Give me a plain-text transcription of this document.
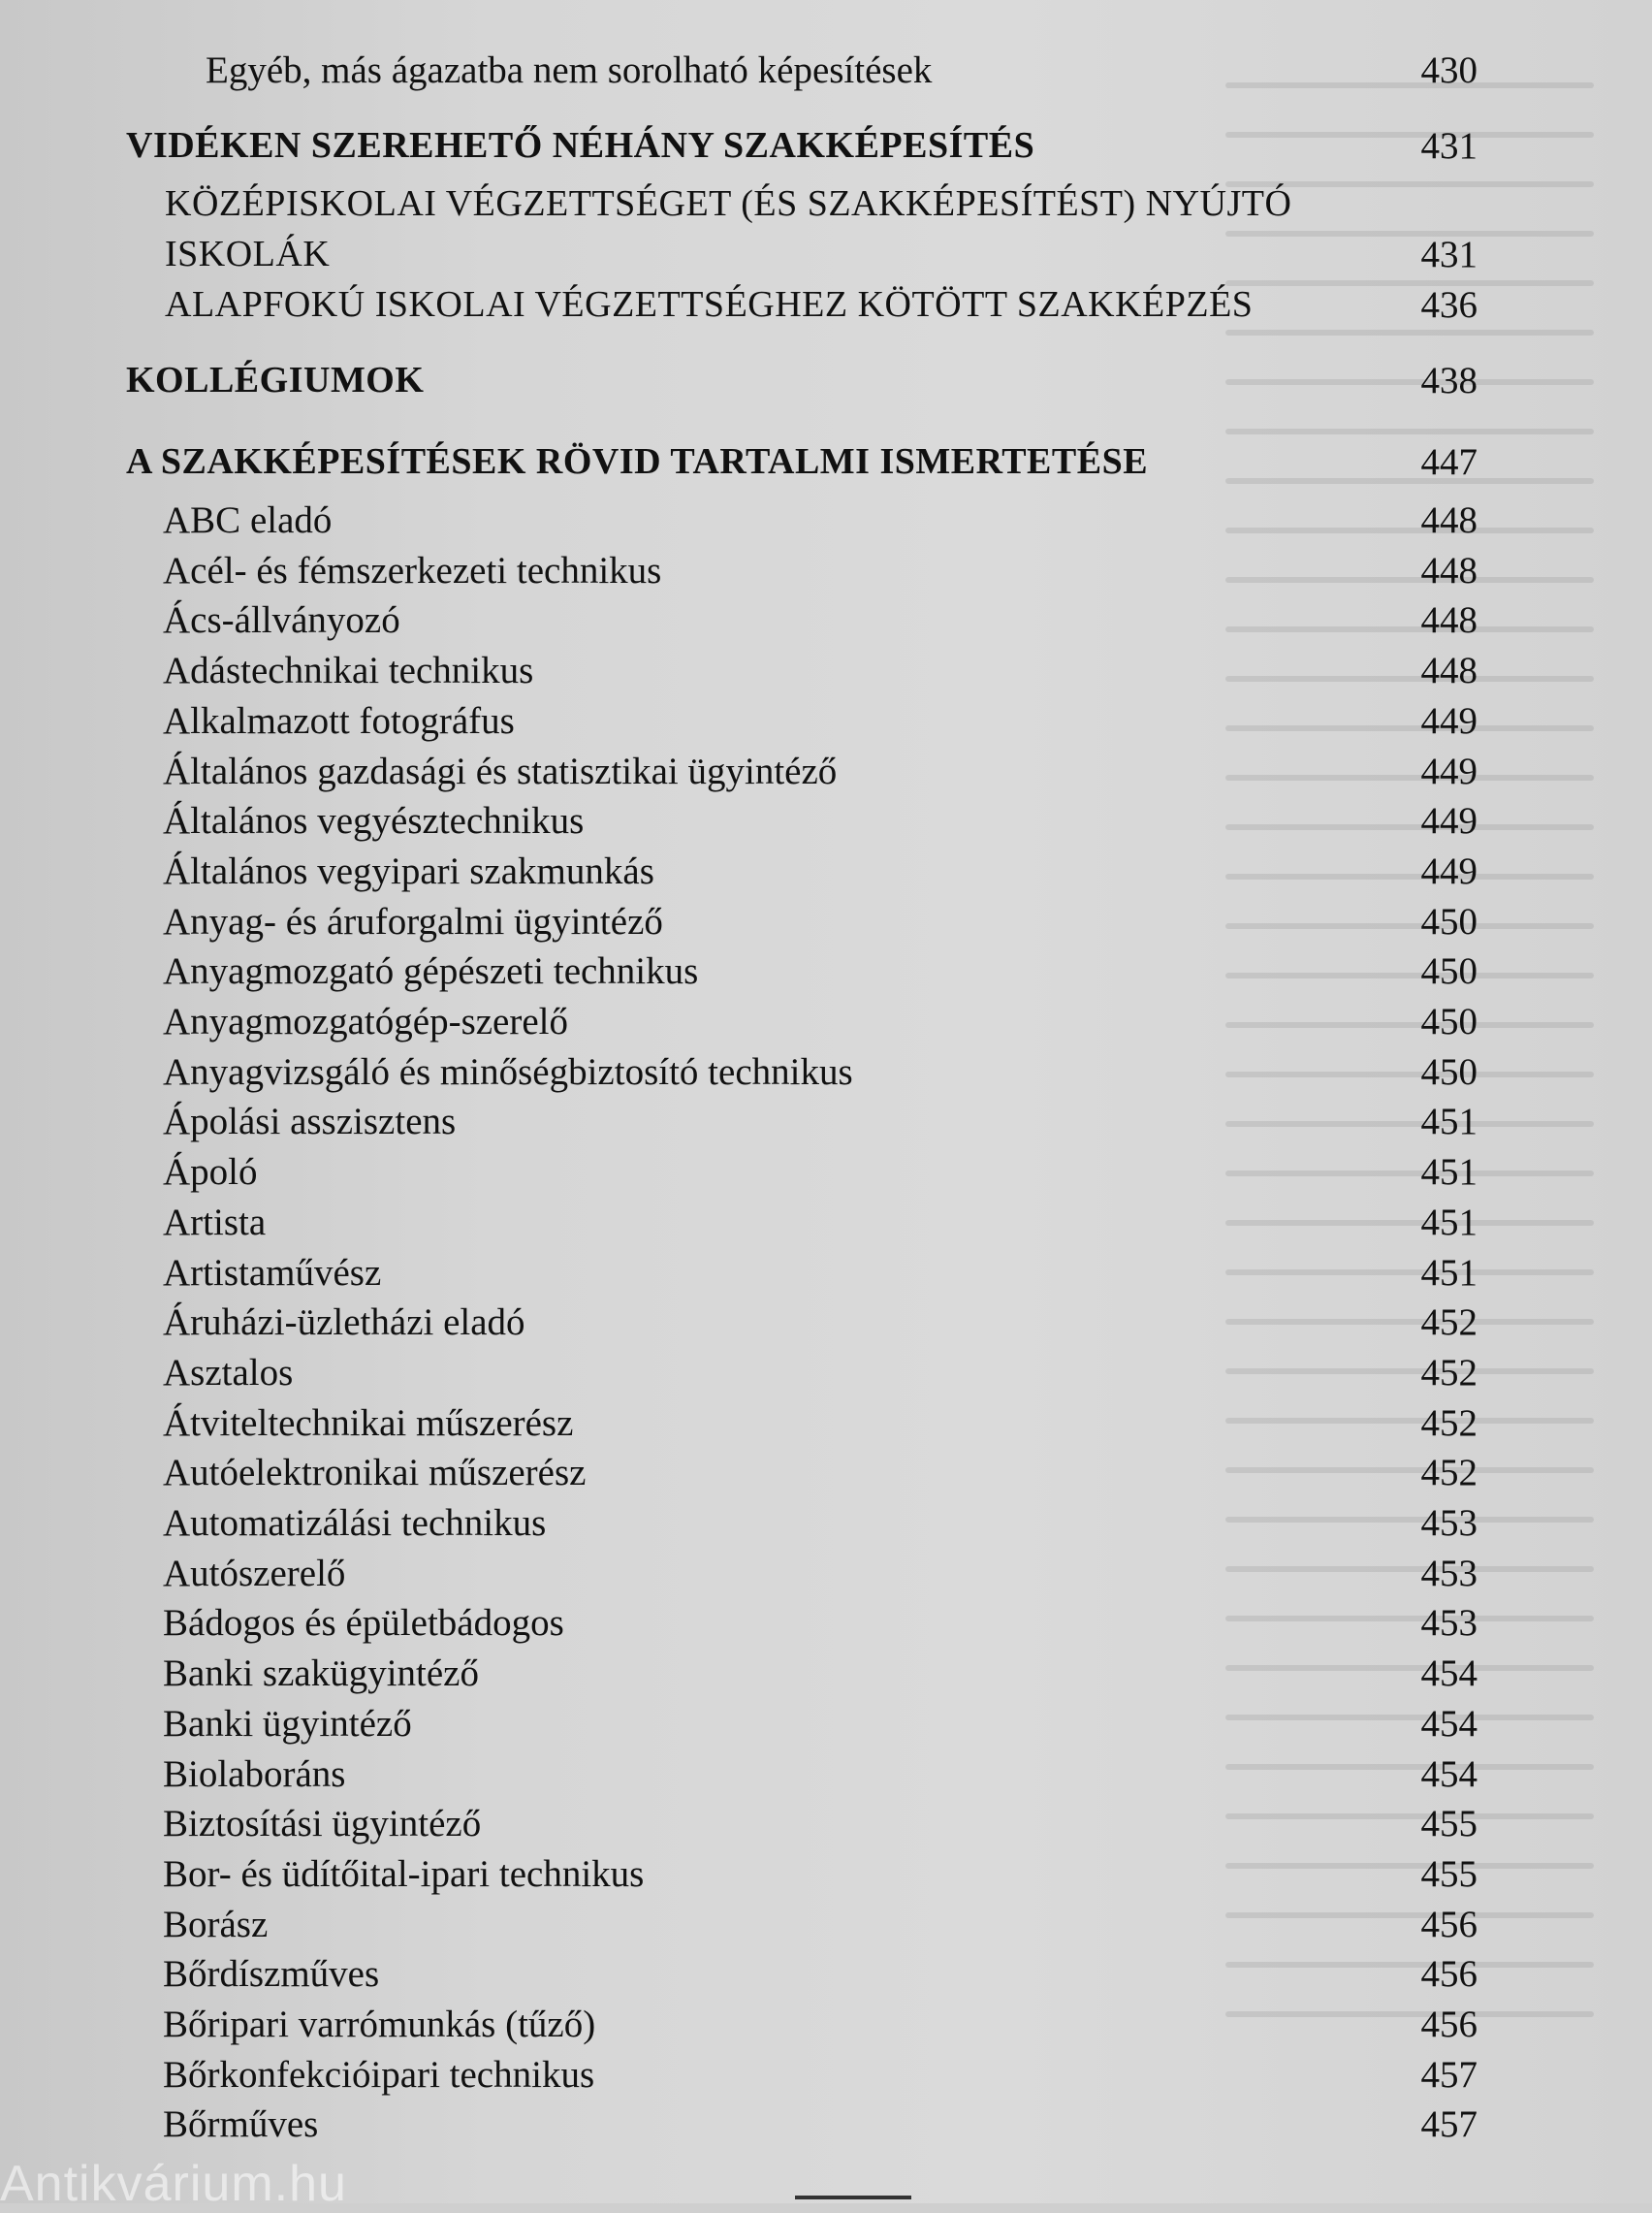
Egyéb, más ágazatba nem sorolható képesítések	430
VIDÉKEN SZEREHETŐ NÉHÁNY SZAKKÉPESÍTÉS	431
KÖZÉPISKOLAI VÉGZETTSÉGET (ÉS SZAKKÉPESÍTÉST) NYÚJTÓ
ISKOLÁK	431
ALAPFOKÚ ISKOLAI VÉGZETTSÉGHEZ KÖTÖTT SZAKKÉPZÉS	436
KOLLÉGIUMOK	438
A SZAKKÉPESÍTÉSEK RÖVID TARTALMI ISMERTETÉSE	447
ABC eladó	448
Acél- és fémszerkezeti technikus	448
Ács-állványozó	448
Adástechnikai technikus	448
Alkalmazott fotográfus	449
Általános gazdasági és statisztikai ügyintéző	449
Általános vegyésztechnikus	449
Általános vegyipari szakmunkás	449
Anyag- és áruforgalmi ügyintéző	450
Anyagmozgató gépészeti technikus	450
Anyagmozgatógép-szerelő	450
Anyagvizsgáló és minőségbiztosító technikus	450
Ápolási asszisztens	451
Ápoló	451
Artista	451
Artistaművész	451
Áruházi-üzletházi eladó	452
Asztalos	452
Átviteltechnikai műszerész	452
Autóelektronikai műszerész	452
Automatizálási technikus	453
Autószerelő	453
Bádogos és épületbádogos	453
Banki szakügyintéző	454
Banki ügyintéző	454
Biolaboráns	454
Biztosítási ügyintéző	455
Bor- és üdítőital-ipari technikus	455
Borász	456
Bőrdíszműves	456
Bőripari varrómunkás (tűző)	456
Bőrkonfekcióipari technikus	457
Bőrműves	457
Antikvárium.hu
